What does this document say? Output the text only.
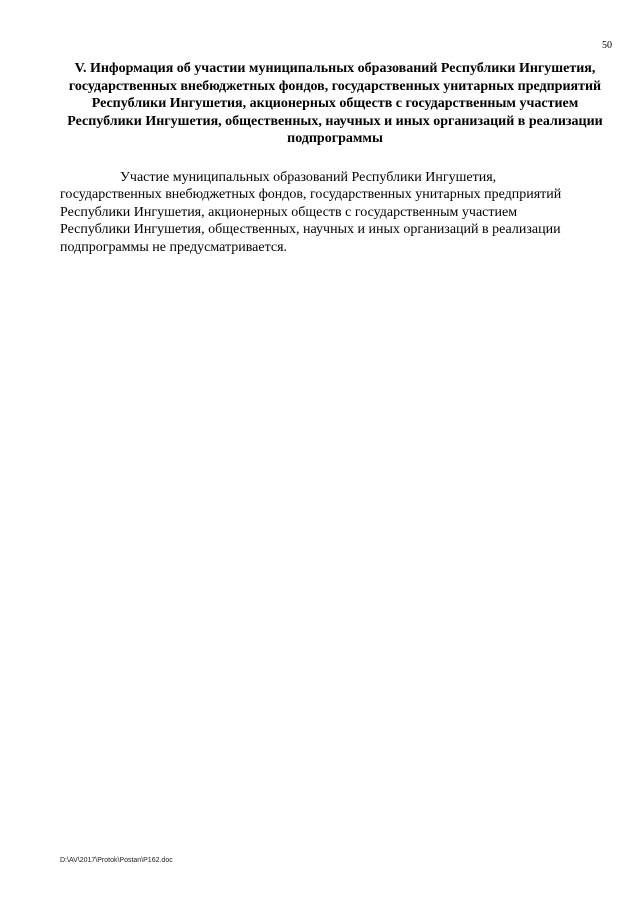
50
V. Информация об участии муниципальных образований Республики Ингушетия,
государственных внебюджетных фондов, государственных унитарных предприятий
Республики Ингушетия, акционерных обществ с государственным участием
Республики Ингушетия, общественных, научных и иных организаций в реализации
подпрограммы

Участие муниципальных образований Республики Ингушетия,
государственных внебюджетных фондов, государственных унитарных предприятий
Республики Ингушетия, акционерных обществ с государственным участием
Республики Ингушетия, общественных, научных и иных организаций в реализации
подпрограммы не предусматривается.

D:\AV\2017\Protok\Postan\P162.doc
